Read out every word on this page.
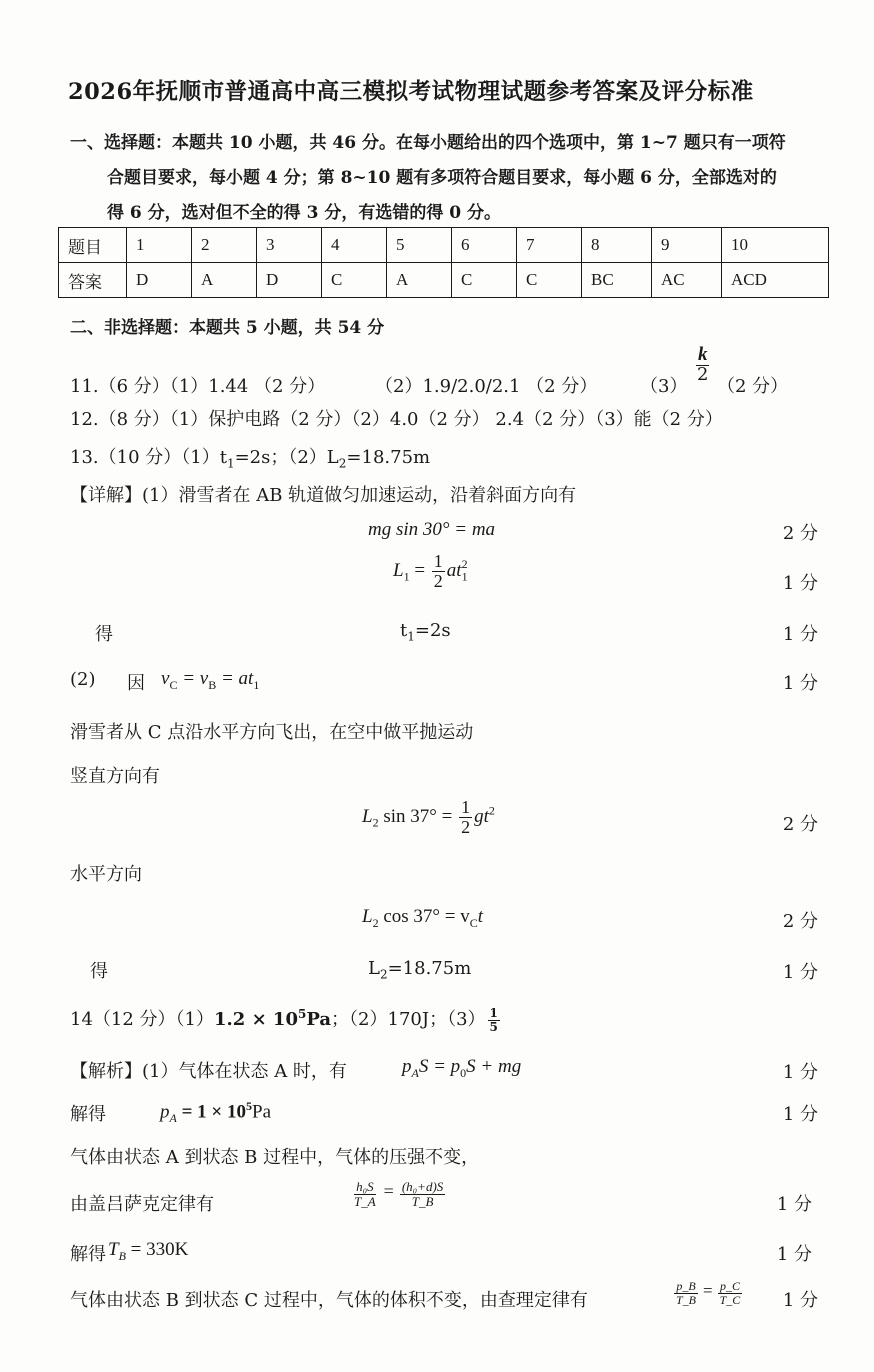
2026年抚顺市普通高中高三模拟考试物理试题参考答案及评分标准
一、选择题：本题共 10 小题，共 46 分。在每小题给出的四个选项中，第 1~7 题只有一项符
合题目要求，每小题 4 分；第 8~10 题有多项符合题目要求，每小题 6 分，全部选对的
得 6 分，选对但不全的得 3 分，有选错的得 0 分。
题目	1	2	3	4	5	6	7	8	9	10
答案	D	A	D	C	A	C	C	BC	AC	ACD
二、非选择题：本题共 5 小题，共 54 分
11.（6 分）（1）1.44 （2 分）	（2）1.9/2.0/2.1 （2 分） （3）
$\frac{k}{2}$
（2 分）
12.（8 分）（1）保护电路（2 分）（2）4.0（2 分） 2.4（2 分）（3）能（2 分）
13.（10 分）$(1)t_1=2s$；$(2)L_2=18.75m$
【详解】(1）滑雪者在 AB 轨道做匀加速运动，沿着斜面方向有
mg sin 30° = ma	2 分
$L_1 = \frac{1}{2} at_1^2$
1 分
得	$t_1=2s$	1 分
(2) 因 $v_C = v_B = at_1$	1 分
滑雪者从 C 点沿水平方向飞出，在空中做平抛运动
竖直方向有
$L_2$ $\sin 37^\circ = \frac{1}{2} gt^2$
2 分
水平方向
$L_2$ $\cos 37^\circ = v_Ct$	2 分
得	$L_2=18.75m$	1 分
14（12 分）$(1)1.2 \times 10^5Pa$；（2）170J；$(3) \frac{1}{5}$
【解析】(1）气体在状态 A 时，有	$p_AS = p_0S$ + mg	1 分
解得	$p_A = 1 \times 10^5Pa$	1 分
气体由状态 A 到状态 B 过程中，气体的压强不变，
由盖吕萨克定律有	$\frac{\text{h₀S}}{T\_A} = \frac{\text{(h₀+d)S}}{T\_B}$	1 分
解得 $T_B = 330K$	1 分
气体由状态 B 到状态 C 过程中，气体的体积不变，由查理定律有	$\frac{p\_B}{T\_B} = \frac{p\_C}{T\_C}$	1 分
